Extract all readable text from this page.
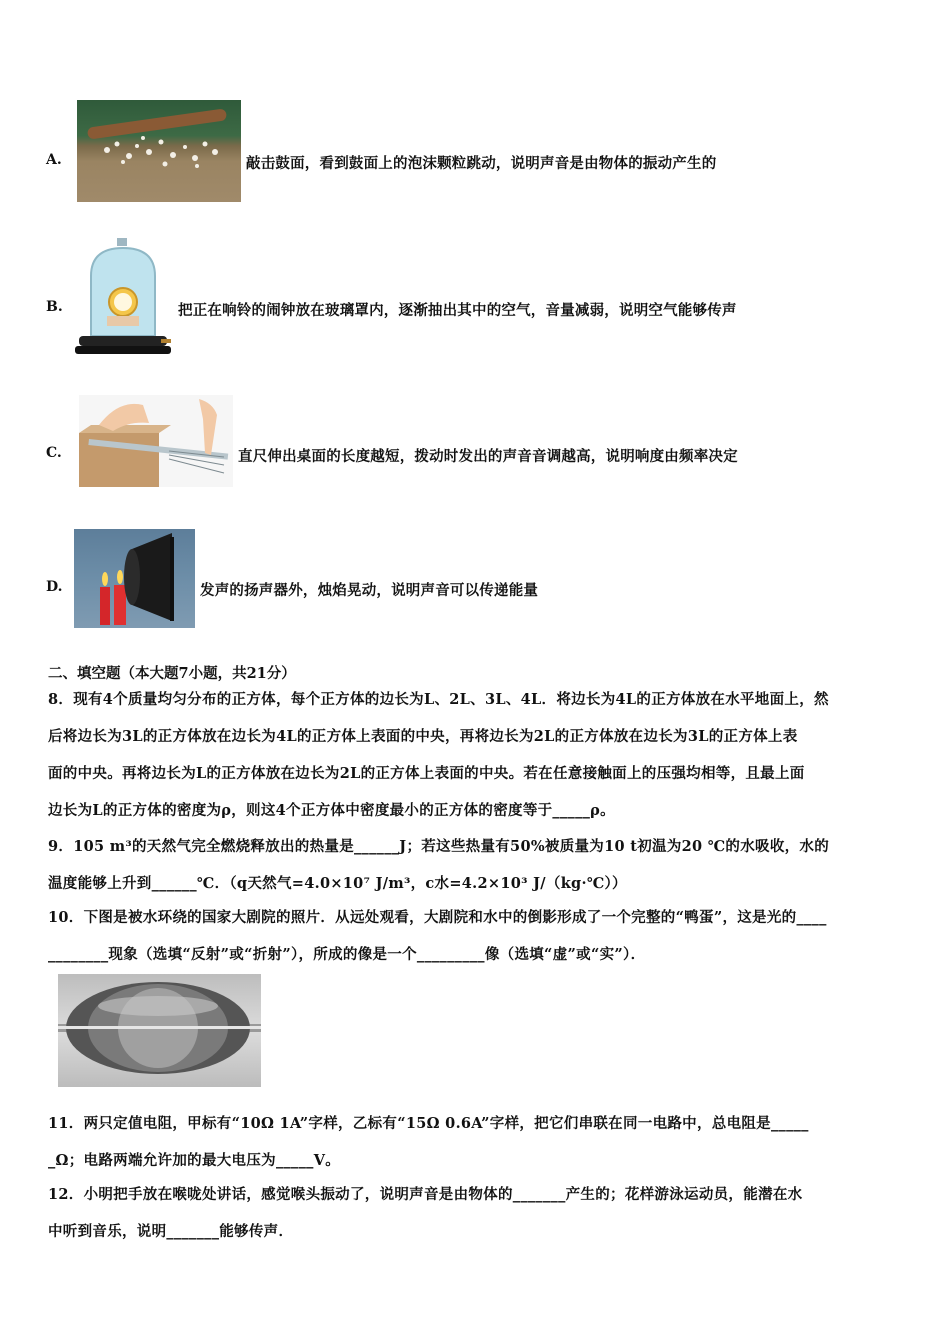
A.	敲击鼓面，看到鼓面上的泡沫颗粒跳动，说明声音是由物体的振动产生的
B.	把正在响铃的闹钟放在玻璃罩内，逐渐抽出其中的空气，音量减弱，说明空气能够传声
C.	直尺伸出桌面的长度越短，拨动时发出的声音音调越高，说明响度由频率决定
D.	发声的扬声器外，烛焰晃动，说明声音可以传递能量
二、填空题（本大题7小题，共21分）
8．现有4个质量均匀分布的正方体，每个正方体的边长为L、2L、3L、4L．将边长为4L的正方体放在水平地面上，然
后将边长为3L的正方体放在边长为4L的正方体上表面的中央，再将边长为2L的正方体放在边长为3L的正方体上表
面的中央。再将边长为L的正方体放在边长为2L的正方体上表面的中央。若在任意接触面上的压强均相等，且最上面
边长为L的正方体的密度为ρ，则这4个正方体中密度最小的正方体的密度等于_____ρ。
9．105 m³的天然气完全燃烧释放出的热量是______J；若这些热量有50%被质量为10 t初温为20 ℃的水吸收，水的
温度能够上升到______℃．（q天然气=4.0×10⁷ J/m³，c水=4.2×10³ J/（kg·℃））
10．下图是被水环绕的国家大剧院的照片．从远处观看，大剧院和水中的倒影形成了一个完整的“鸭蛋”，这是光的____
________现象（选填“反射”或“折射”），所成的像是一个_________像（选填“虚”或“实”）．
11．两只定值电阻，甲标有“10Ω 1A”字样，乙标有“15Ω 0.6A”字样，把它们串联在同一电路中，总电阻是_____
_Ω；电路两端允许加的最大电压为_____V。
12．小明把手放在喉咙处讲话，感觉喉头振动了，说明声音是由物体的_______产生的；花样游泳运动员，能潜在水
中听到音乐，说明_______能够传声．
